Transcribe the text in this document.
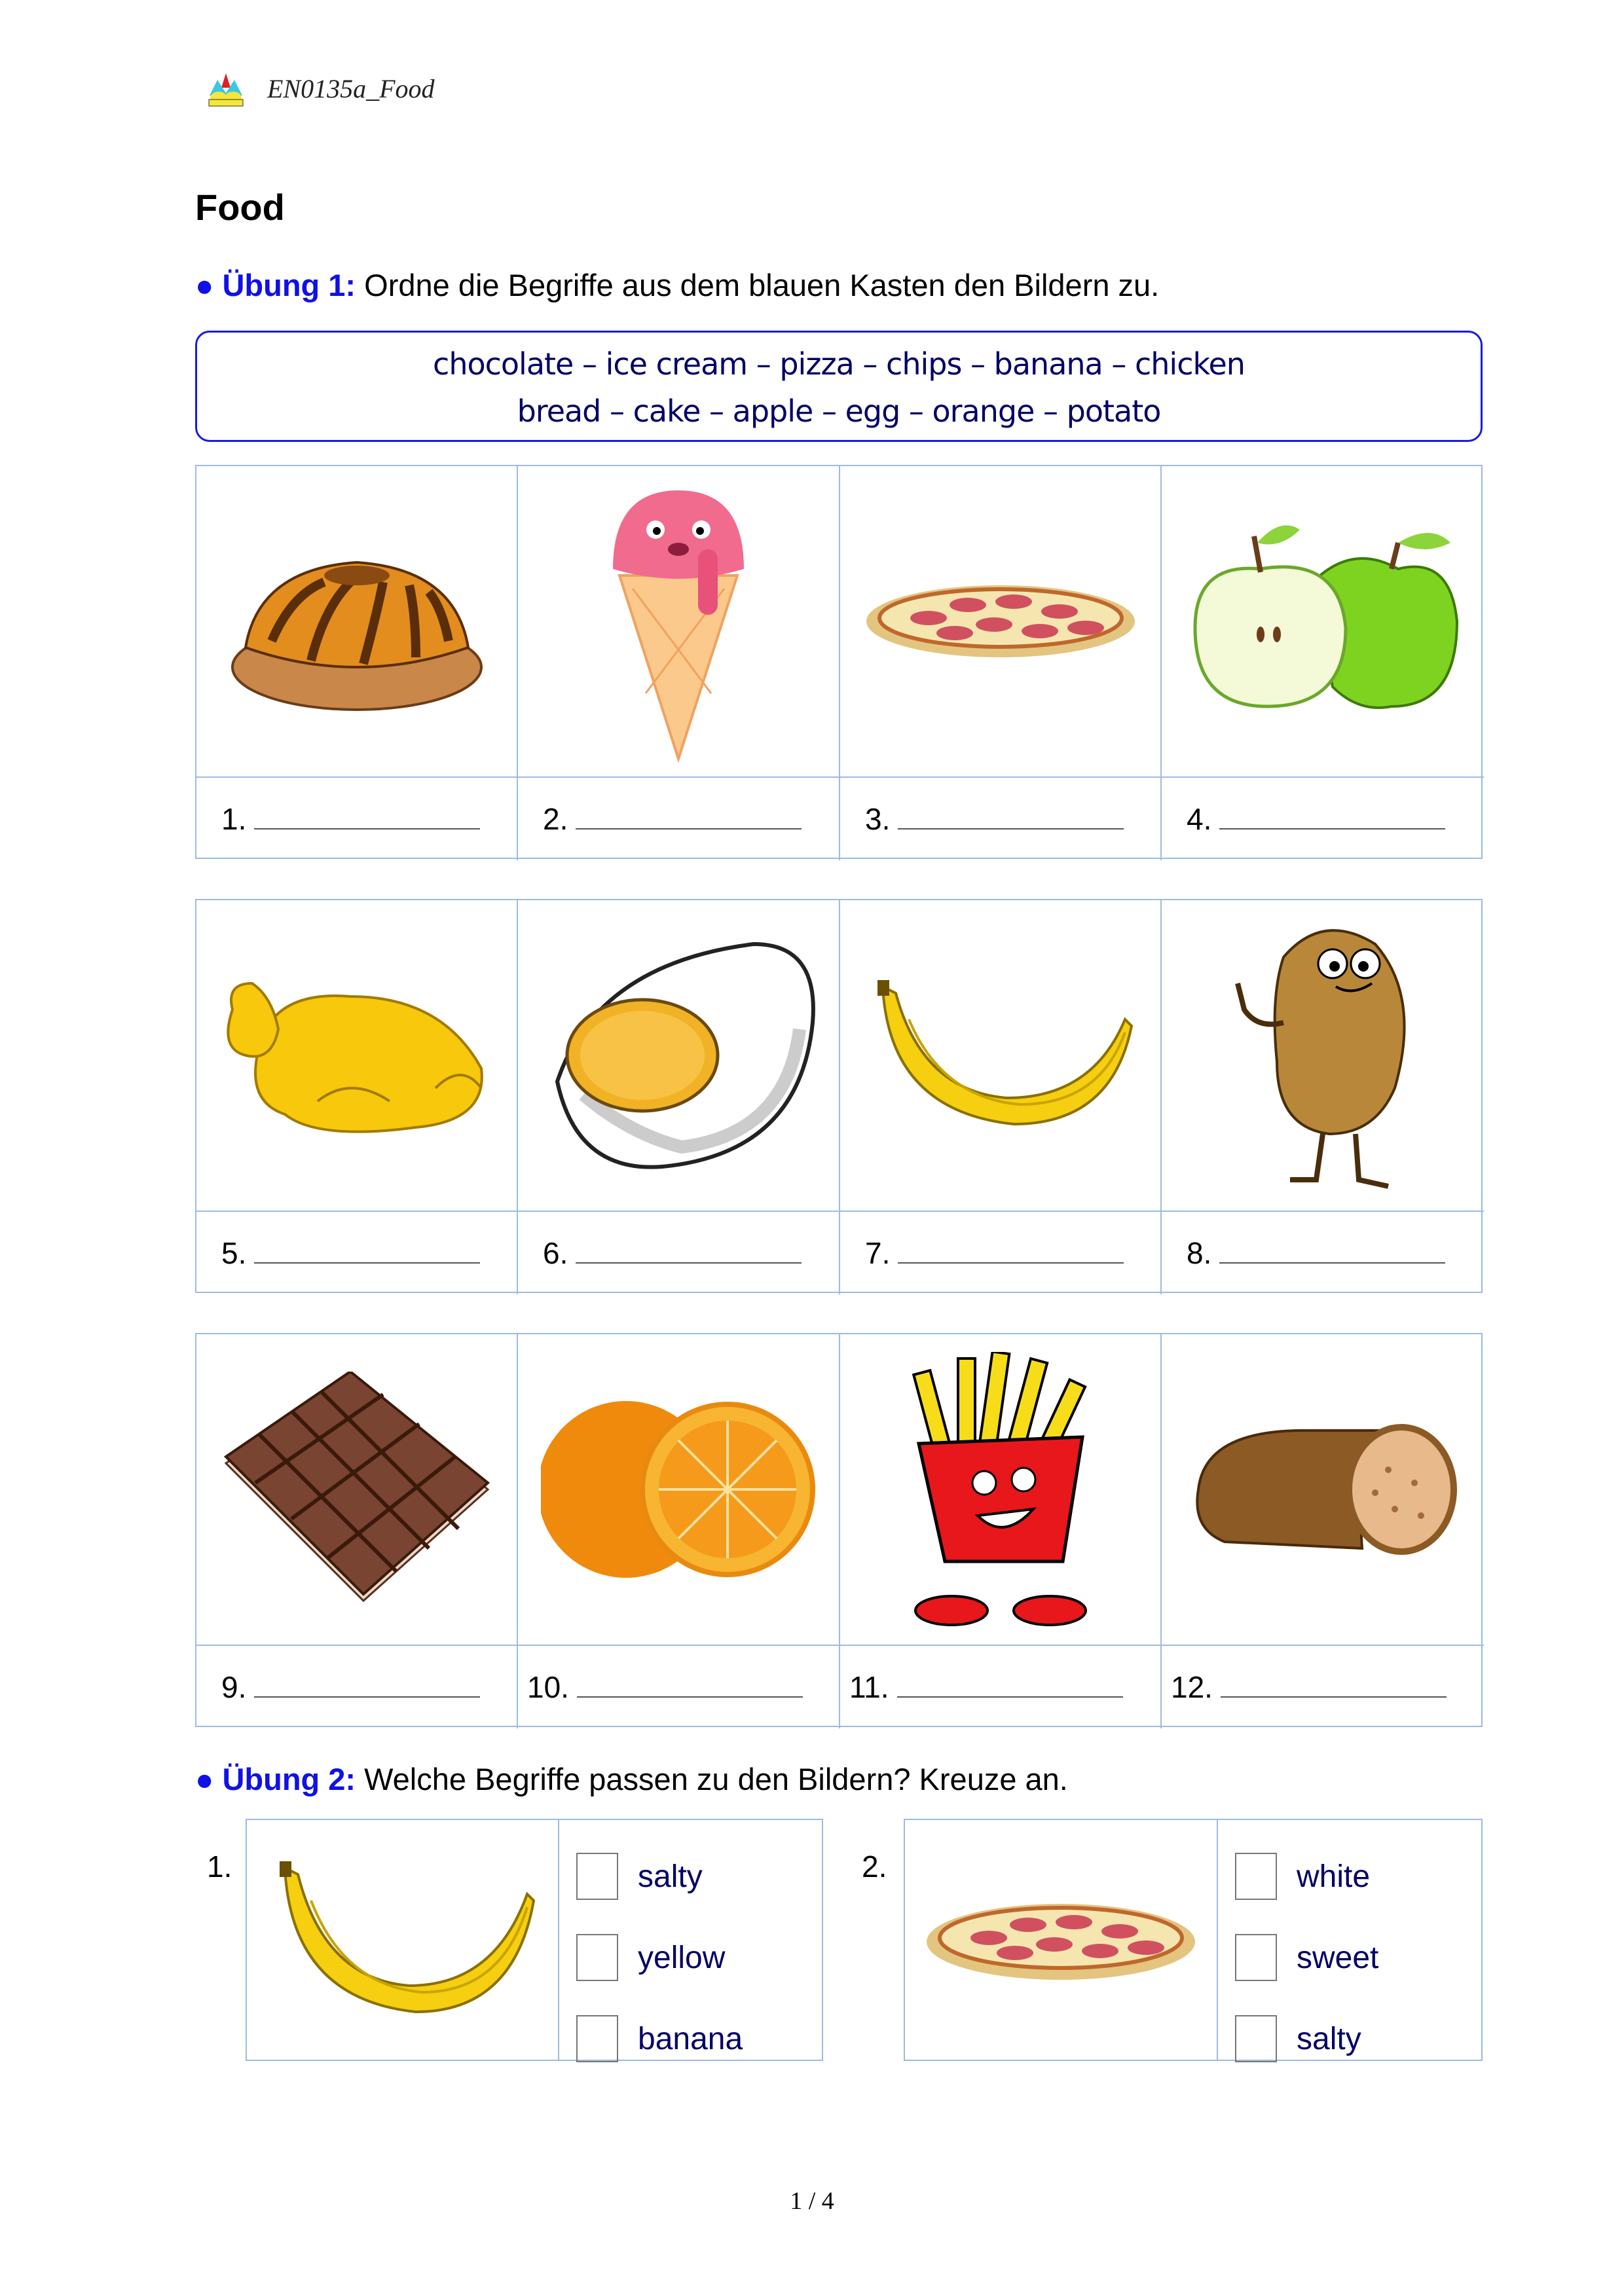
EN0135a_Food
Food
● Übung 1: Ordne die Begriffe aus dem blauen Kasten den Bildern zu.
chocolate – ice cream – pizza – chips – banana – chicken
bread – cake – apple – egg – orange – potato
1.	2.	3.	4.
5.	6.	7.	8.
9.	10.	11.	12.
● Übung 2: Welche Begriffe passen zu den Bildern? Kreuze an.
1.	salty
yellow
banana
2.	white
sweet
salty
1 / 4
